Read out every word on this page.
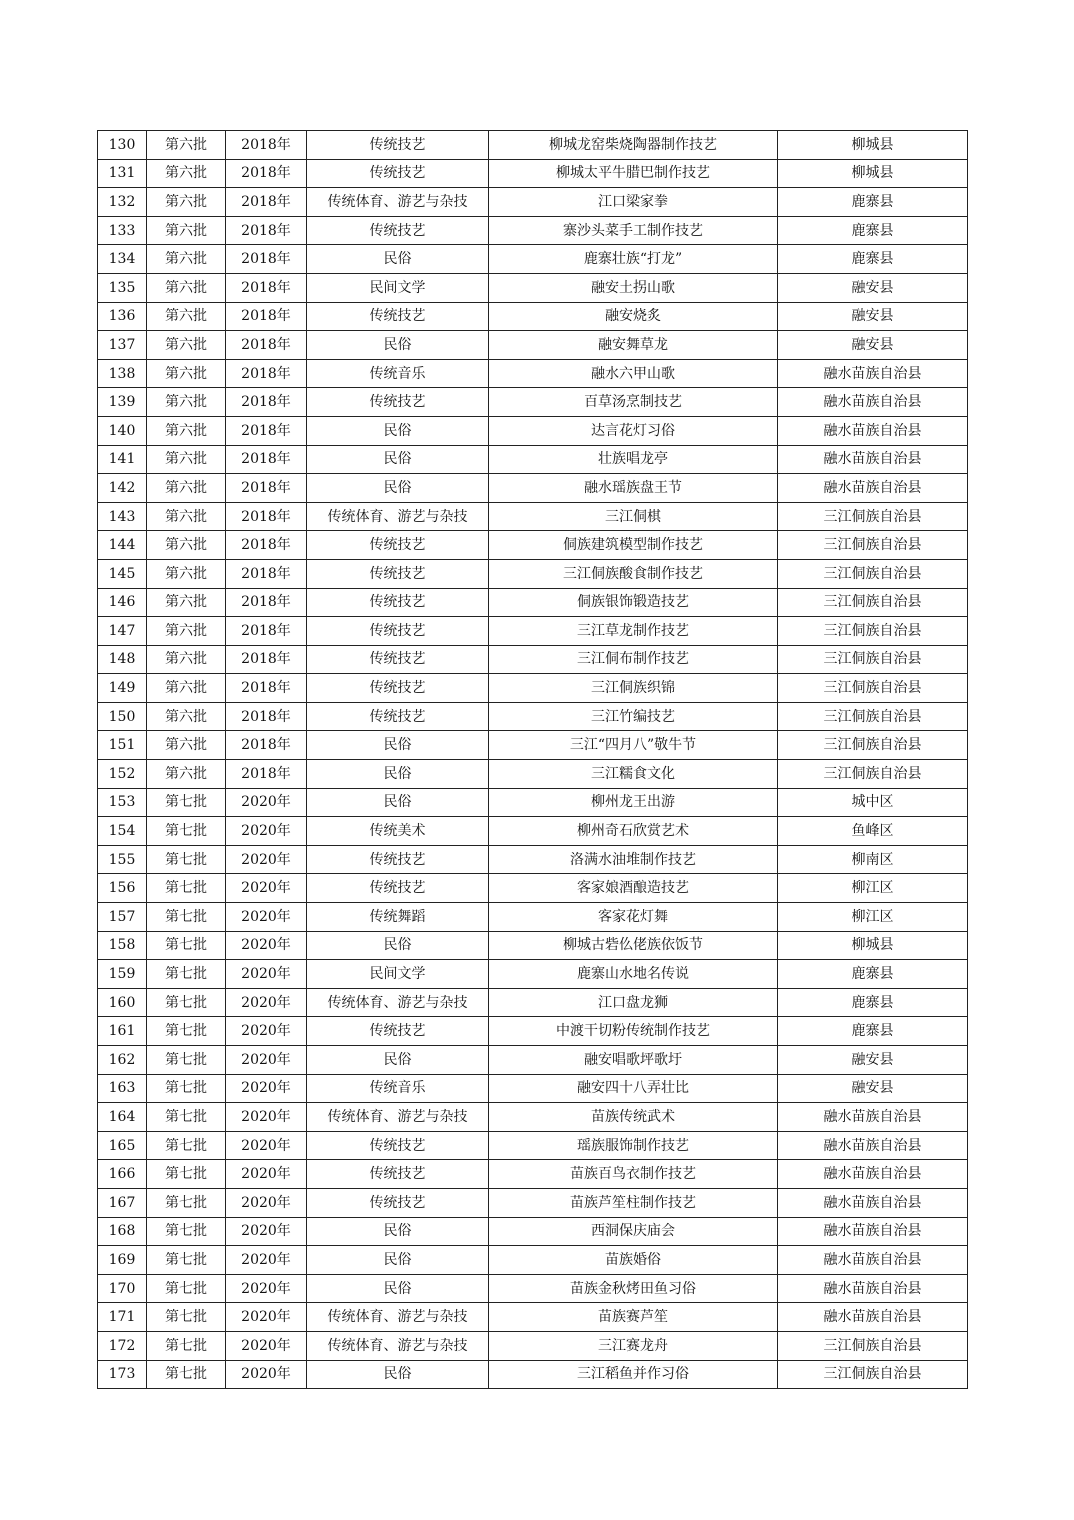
130	第六批	2018年	传统技艺	柳城龙窑柴烧陶器制作技艺	柳城县
131	第六批	2018年	传统技艺	柳城太平牛腊巴制作技艺	柳城县
132	第六批	2018年	传统体育、游艺与杂技	江口梁家拳	鹿寨县
133	第六批	2018年	传统技艺	寨沙头菜手工制作技艺	鹿寨县
134	第六批	2018年	民俗	鹿寨壮族“打龙”	鹿寨县
135	第六批	2018年	民间文学	融安土拐山歌	融安县
136	第六批	2018年	传统技艺	融安烧炙	融安县
137	第六批	2018年	民俗	融安舞草龙	融安县
138	第六批	2018年	传统音乐	融水六甲山歌	融水苗族自治县
139	第六批	2018年	传统技艺	百草汤烹制技艺	融水苗族自治县
140	第六批	2018年	民俗	达言花灯习俗	融水苗族自治县
141	第六批	2018年	民俗	壮族唱龙亭	融水苗族自治县
142	第六批	2018年	民俗	融水瑶族盘王节	融水苗族自治县
143	第六批	2018年	传统体育、游艺与杂技	三江侗棋	三江侗族自治县
144	第六批	2018年	传统技艺	侗族建筑模型制作技艺	三江侗族自治县
145	第六批	2018年	传统技艺	三江侗族酸食制作技艺	三江侗族自治县
146	第六批	2018年	传统技艺	侗族银饰锻造技艺	三江侗族自治县
147	第六批	2018年	传统技艺	三江草龙制作技艺	三江侗族自治县
148	第六批	2018年	传统技艺	三江侗布制作技艺	三江侗族自治县
149	第六批	2018年	传统技艺	三江侗族织锦	三江侗族自治县
150	第六批	2018年	传统技艺	三江竹编技艺	三江侗族自治县
151	第六批	2018年	民俗	三江“四月八”敬牛节	三江侗族自治县
152	第六批	2018年	民俗	三江糯食文化	三江侗族自治县
153	第七批	2020年	民俗	柳州龙王出游	城中区
154	第七批	2020年	传统美术	柳州奇石欣赏艺术	鱼峰区
155	第七批	2020年	传统技艺	洛满水油堆制作技艺	柳南区
156	第七批	2020年	传统技艺	客家娘酒酿造技艺	柳江区
157	第七批	2020年	传统舞蹈	客家花灯舞	柳江区
158	第七批	2020年	民俗	柳城古砦仫佬族依饭节	柳城县
159	第七批	2020年	民间文学	鹿寨山水地名传说	鹿寨县
160	第七批	2020年	传统体育、游艺与杂技	江口盘龙狮	鹿寨县
161	第七批	2020年	传统技艺	中渡干切粉传统制作技艺	鹿寨县
162	第七批	2020年	民俗	融安唱歌坪歌圩	融安县
163	第七批	2020年	传统音乐	融安四十八弄壮比	融安县
164	第七批	2020年	传统体育、游艺与杂技	苗族传统武术	融水苗族自治县
165	第七批	2020年	传统技艺	瑶族服饰制作技艺	融水苗族自治县
166	第七批	2020年	传统技艺	苗族百鸟衣制作技艺	融水苗族自治县
167	第七批	2020年	传统技艺	苗族芦笙柱制作技艺	融水苗族自治县
168	第七批	2020年	民俗	西洞保庆庙会	融水苗族自治县
169	第七批	2020年	民俗	苗族婚俗	融水苗族自治县
170	第七批	2020年	民俗	苗族金秋烤田鱼习俗	融水苗族自治县
171	第七批	2020年	传统体育、游艺与杂技	苗族赛芦笙	融水苗族自治县
172	第七批	2020年	传统体育、游艺与杂技	三江赛龙舟	三江侗族自治县
173	第七批	2020年	民俗	三江稻鱼并作习俗	三江侗族自治县
